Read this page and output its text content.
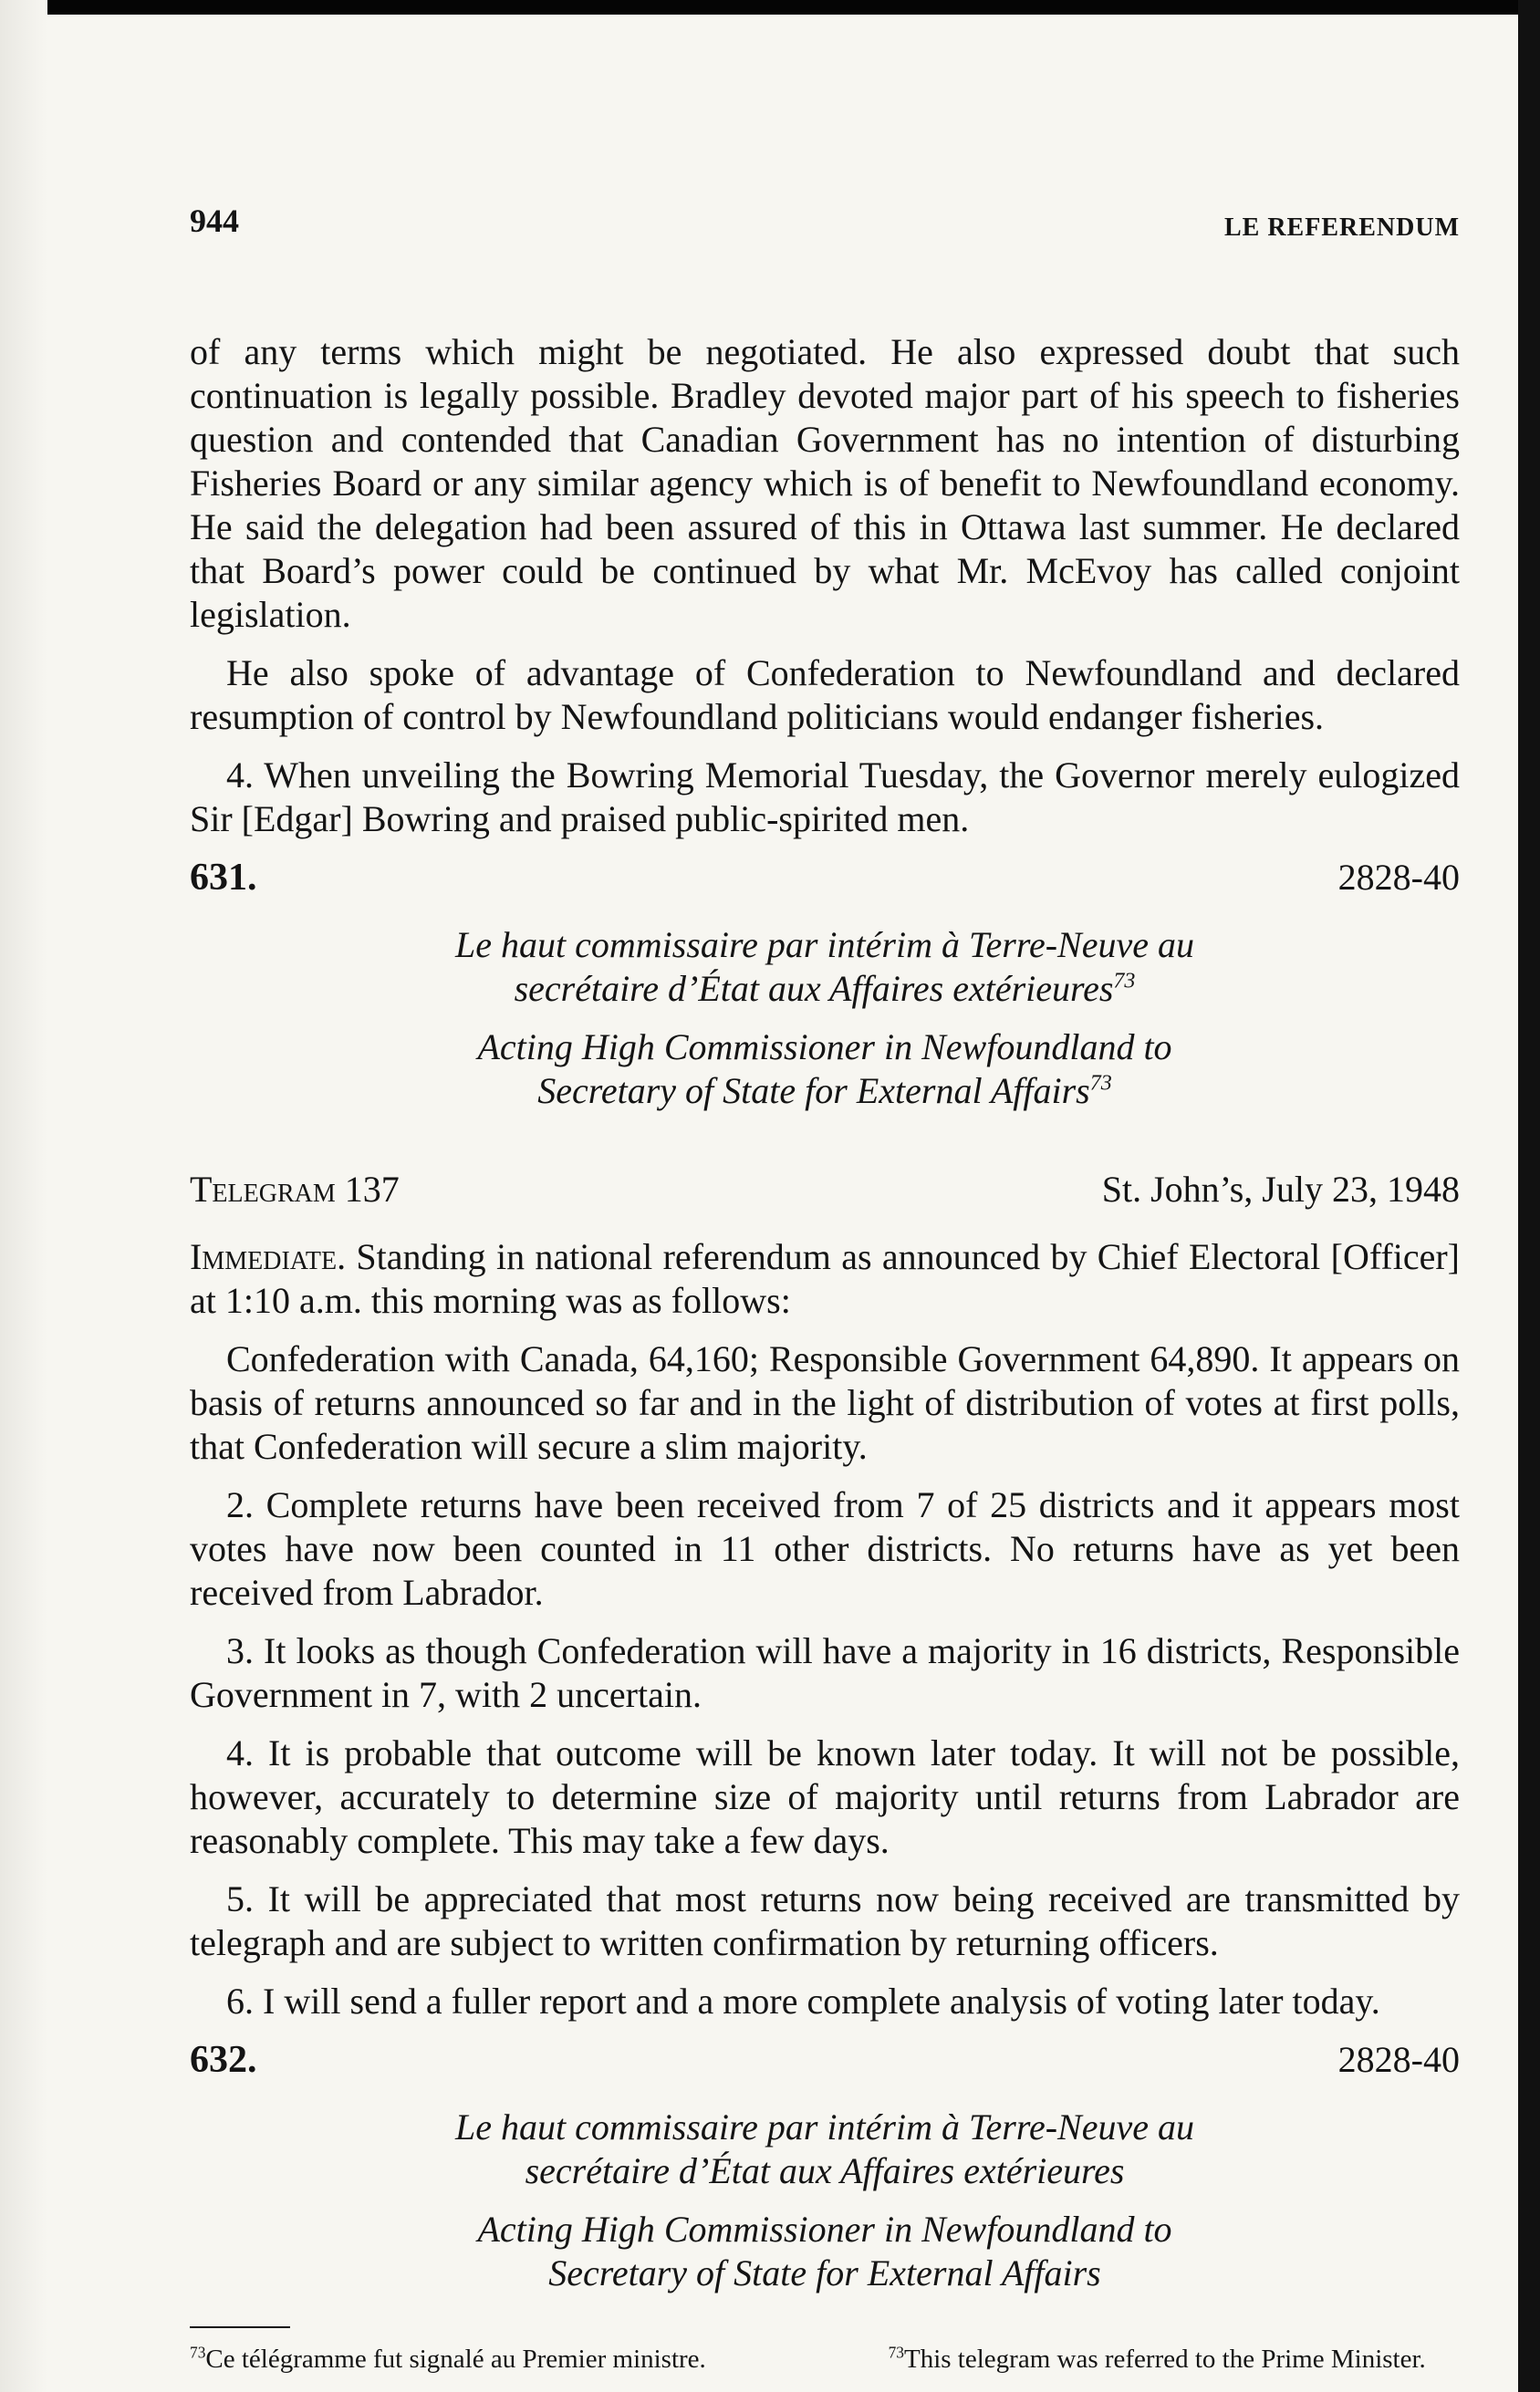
944	LE REFERENDUM

of any terms which might be negotiated. He also expressed doubt that such continuation is legally possible. Bradley devoted major part of his speech to fisheries question and contended that Canadian Government has no intention of disturbing Fisheries Board or any similar agency which is of benefit to Newfoundland economy. He said the delegation had been assured of this in Ottawa last summer. He declared that Board’s power could be continued by what Mr. McEvoy has called conjoint legislation.

He also spoke of advantage of Confederation to Newfoundland and declared resumption of control by Newfoundland politicians would endanger fisheries.

4. When unveiling the Bowring Memorial Tuesday, the Governor merely eulogized Sir [Edgar] Bowring and praised public-spirited men.

631.	2828-40
Le haut commissaire par intérim à Terre-Neuve au
secrétaire d’État aux Affaires extérieures$^{73}$
Acting High Commissioner in Newfoundland to
Secretary of State for External Affairs$^{73}$
Telegram 137	St. John’s, July 23, 1948

Immediate. Standing in national referendum as announced by Chief Electoral [Officer] at 1:10 a.m. this morning was as follows:

Confederation with Canada, 64,160; Responsible Government 64,890. It appears on basis of returns announced so far and in the light of distribution of votes at first polls, that Confederation will secure a slim majority.

2. Complete returns have been received from 7 of 25 districts and it appears most votes have now been counted in 11 other districts. No returns have as yet been received from Labrador.

3. It looks as though Confederation will have a majority in 16 districts, Responsible Government in 7, with 2 uncertain.

4. It is probable that outcome will be known later today. It will not be possible, however, accurately to determine size of majority until returns from Labrador are reasonably complete. This may take a few days.

5. It will be appreciated that most returns now being received are transmitted by telegraph and are subject to written confirmation by returning officers.

6. I will send a fuller report and a more complete analysis of voting later today.

632.	2828-40
Le haut commissaire par intérim à Terre-Neuve au
secrétaire d’État aux Affaires extérieures
Acting High Commissioner in Newfoundland to
Secretary of State for External Affairs
$^{73}$Ce télégramme fut signalé au Premier ministre.	$^{73}$This telegram was referred to the Prime Minister.
